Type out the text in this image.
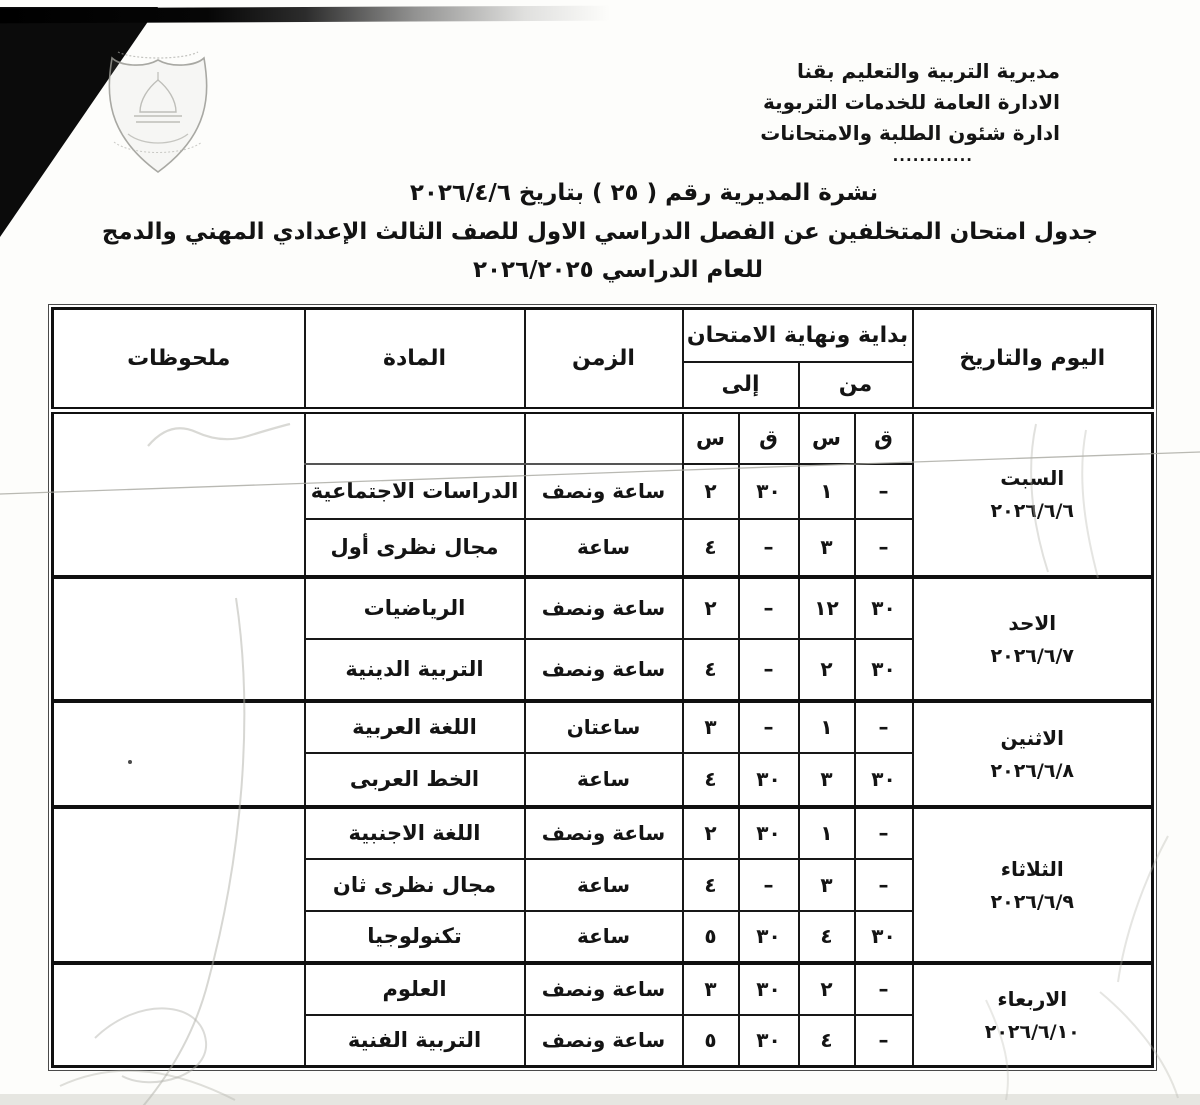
مديرية التربية والتعليم بقنا
الادارة العامة للخدمات التربوية
ادارة شئون الطلبة والامتحانات
............
نشرة المديرية رقم ( ٢٥ ) بتاريخ ٢٠٢٦/٤/٦
جدول امتحان المتخلفين عن الفصل الدراسي الاول للصف الثالث الإعدادي المهني والدمج
للعام الدراسي ٢٠٢٦/٢٠٢٥
اليوم والتاريخ	بداية ونهاية الامتحان				الزمن	المادة	ملحوظات
	من		إلى				

السبت
٢٠٢٦/٦/٦	ق	س	ق	س			
	–	١	٣٠	٢	ساعة ونصف	الدراسات الاجتماعية	
	–	٣	–	٤	ساعة	مجال نظرى أول	

الاحد
٢٠٢٦/٦/٧	٣٠	١٢	–	٢	ساعة ونصف	الرياضيات	
	٣٠	٢	–	٤	ساعة ونصف	التربية الدينية	

الاثنين
٢٠٢٦/٦/٨	–	١	–	٣	ساعتان	اللغة العربية	
	٣٠	٣	٣٠	٤	ساعة	الخط العربى	

الثلاثاء
٢٠٢٦/٦/٩	–	١	٣٠	٢	ساعة ونصف	اللغة الاجنبية	
	–	٣	–	٤	ساعة	مجال نظرى ثان	
	٣٠	٤	٣٠	٥	ساعة	تكنولوجيا	

الاربعاء
٢٠٢٦/٦/١٠	–	٢	٣٠	٣	ساعة ونصف	العلوم	
	–	٤	٣٠	٥	ساعة ونصف	التربية الفنية	
